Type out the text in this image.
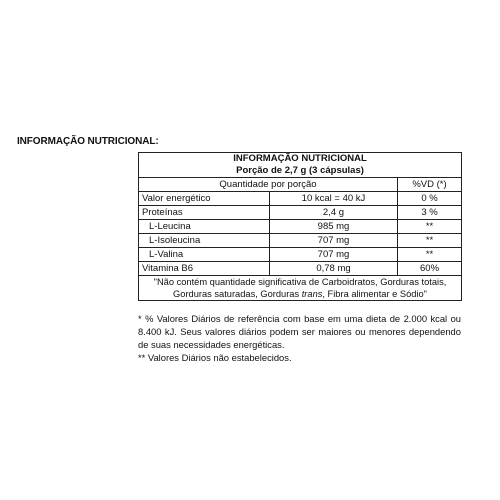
INFORMAÇÃO NUTRICIONAL:
INFORMAÇÃO NUTRICIONAL
Porção de 2,7 g (3 cápsulas)		

Quantidade por porção		%VD (*)
Valor energético	10 kcal = 40 kJ	0 %
Proteínas	2,4 g	3 %
L-Leucina	985 mg	**
L-Isoleucina	707 mg	**
L-Valina	707 mg	**
Vitamina B6	0,78 mg	60%
"Não contém quantidade significativa de Carboidratos, Gorduras totais,
Gorduras saturadas, Gorduras trans, Fibra alimentar e Sódio"		

* % Valores Diários de referência com base em uma dieta de 2.000 kcal ou 8.400 kJ. Seus valores diários podem ser maiores ou menores dependendo de suas necessidades energéticas.

** Valores Diários não estabelecidos.
